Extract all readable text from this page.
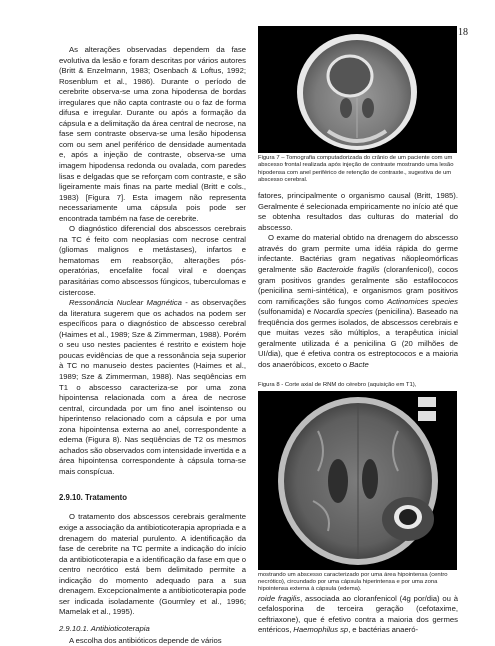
18

As alterações observadas dependem da fase evolutiva da lesão e foram descritas por vários autores (Britt & Enzelmann, 1983; Osenbach & Loftus, 1992; Rosenblum et al., 1986). Durante o período de cerebrite observa-se uma zona hipodensa de bordas irregulares que não capta contraste ou o faz de forma difusa e irregular. Durante ou após a formação da cápsula e a delimitação da área central de necrose, na fase sem contraste observa-se uma lesão hipodensa com ou sem anel periférico de densidade aumentada e, após a injeção de contraste, observa-se uma imagem hipodensa redonda ou ovalada, com paredes lisas e delgadas que se reforçam com contraste, e são ligeiramente mais finas na parte medial (Britt e cols., 1983) [Figura 7]. Esta imagem não representa necessariamente uma cápsula pois pode ser encontrada também na fase de cerebrite.

O diagnóstico diferencial dos abscessos cerebrais na TC é feito com neoplasias com necrose central (gliomas malignos e metástases), infartos e hematomas em reabsorção, alterações pós-operatórias, encefalite focal viral e doenças parasitárias como abscessos fúngicos, tuberculomas e cistercose.

Ressonância Nuclear Magnética - as observações da literatura sugerem que os achados na podem ser específicos para o diagnóstico de abscesso cerebral (Haimes et al., 1989; Sze & Zimmerman, 1988). Porém o seu uso nestes pacientes é restrito e existem hoje poucas evidências de que a ressonância seja superior à TC no manuseio destes pacientes (Haimes et al., 1989; Sze & Zimmerman, 1988). Nas seqüências em T1 o abscesso caracteriza-se por uma zona hipointensa relacionada com a área de necrose central, circundada por um fino anel isointenso ou hiperintenso relacionado com a cápsula e por uma zona hipointensa externa ao anel, correspondente a edema (Figura 8). Nas seqüências de T2 os mesmos achados são observados com intensidade invertida e a área hipointensa correspondente à cápsula torna-se mais conspícua.

2.9.10. Tratamento

O tratamento dos abscessos cerebrais geralmente exige a associação da antibioticoterapia apropriada e a drenagem do material purulento. A identificação da fase de cerebrite na TC permite a indicação do início da antibioticoterapia e a identificação da fase em que o centro necrótico está bem delimitado permite a indicação do momento adequado para a sua drenagem. Excepcionalmente a antibioticoterapia pode ser indicada isoladamente (Gourmley et al., 1996; Mamelak et al., 1995).

2.9.10.1. Antibioticoterapia

A escolha dos antibióticos depende de vários

Figura 7 – Tomografia computadorizada do crânio de um paciente com um abscesso frontal realizada após injeção de contraste mostrando uma lesão hipodensa com anel periférico de retenção de contraste., sugestiva de um abscesso cerebral.

fatores, principalmente o organismo causal (Britt, 1985). Geralmente é selecionada empiricamente no início até que se obtenha resultados das culturas do material do abscesso.

O exame do material obtido na drenagem do abscesso através do gram permite uma idéia rápida do germe infectante. Bactérias gram negativas nãopleomórficas geralmente são Bacteroide fragilis (cloranfenicol), cocos gram positivos grandes geralmente são estafilococos (penicilina semi-sintética), e organismos gram positivos com ramificações são fungos como Actinomices species (sulfonamida) e Nocardia species (penicilina). Baseado na freqüência dos germes isolados, de abscessos cerebrais e que muitas vezes são múltiplos, a terapêutica inicial geralmente utilizada é a penicilina G (20 milhões de UI/dia), que é efetiva contra os estreptococos e a maioria dos anaeróbicos, exceto o Bacte

Figura 8 - Corte axial de RNM do cérebro (aquisição em T1),

mostrando um abscesso caracterizado por uma área hipointensa (centro necrótico), circundado por uma cápsula hiperintensa e por uma zona hipointensa externa à cápsula (edema).

roide fragilis, associada ao cloranfenicol (4g por/dia) ou à cefalosporina de terceira geração (cefotaxime, ceftriaxone), que é efetivo contra a maioria dos germes entéricos, Haemophilus sp, e bactérias anaeró-
